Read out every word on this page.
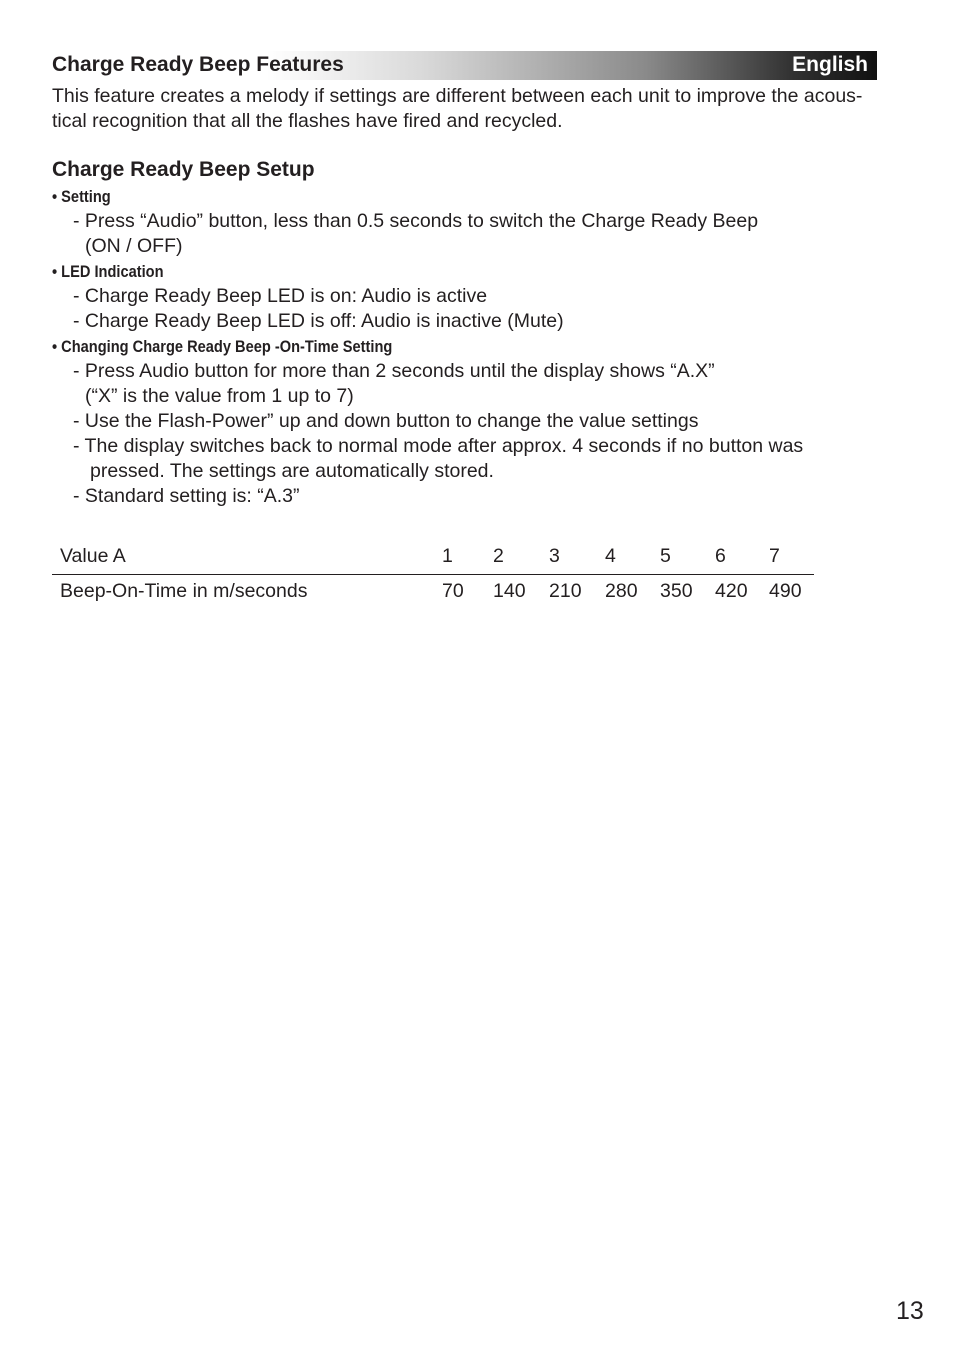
Charge Ready Beep Features	English
This feature creates a melody if settings are different between each unit to improve the acous-
tical recognition that all the flashes have fired and recycled.
Charge Ready Beep Setup
• Setting
- Press “Audio” button, less than 0.5 seconds to switch the Charge Ready Beep
(ON / OFF)
• LED Indication
- Charge Ready Beep LED is on: Audio is active
- Charge Ready Beep LED is off: Audio is inactive (Mute)
• Changing Charge Ready Beep -On-Time Setting
- Press Audio button for more than 2 seconds until the display shows “A.X”
(“X” is the value from 1 up to 7)
- Use the Flash-Power” up and down button to change the value settings
- The display switches back to normal mode after approx. 4 seconds if no button was
pressed. The settings are automatically stored.
- Standard setting is: “A.3”
Value A	1 2 3 4 5 6 7
Beep-On-Time in m/seconds	70 140 210 280 350 420 490
13
